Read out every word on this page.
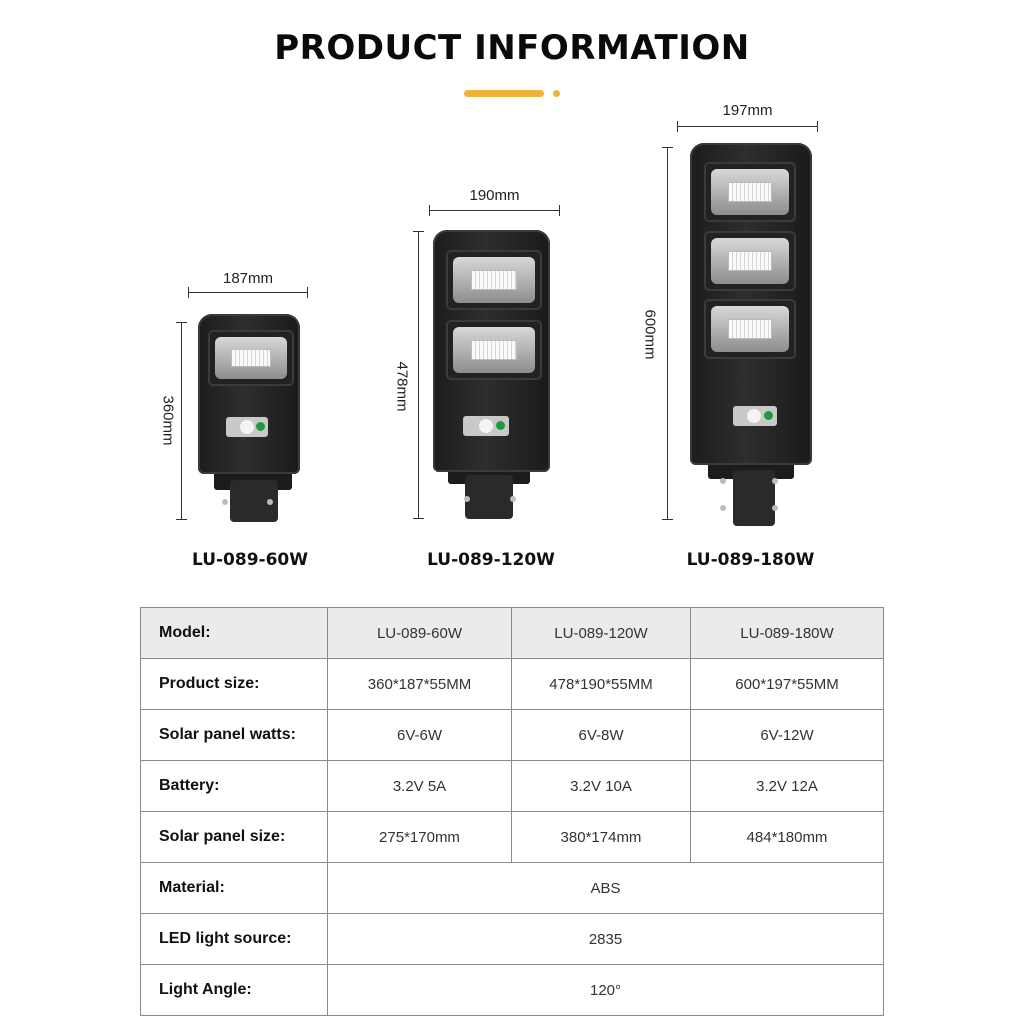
PRODUCT INFORMATION
187mm
360mm
LU-089-60W
190mm
478mm
LU-089-120W
197mm
600mm
LU-089-180W
Model:	LU-089-60W	LU-089-120W	LU-089-180W
Product size:	360*187*55MM	478*190*55MM	600*197*55MM
Solar panel watts:	6V-6W	6V-8W	6V-12W
Battery:	3.2V 5A	3.2V 10A	3.2V 12A
Solar panel size:	275*170mm	380*174mm	484*180mm
Material:	ABS		
LED light source:	2835		
Light Angle:	120°		
